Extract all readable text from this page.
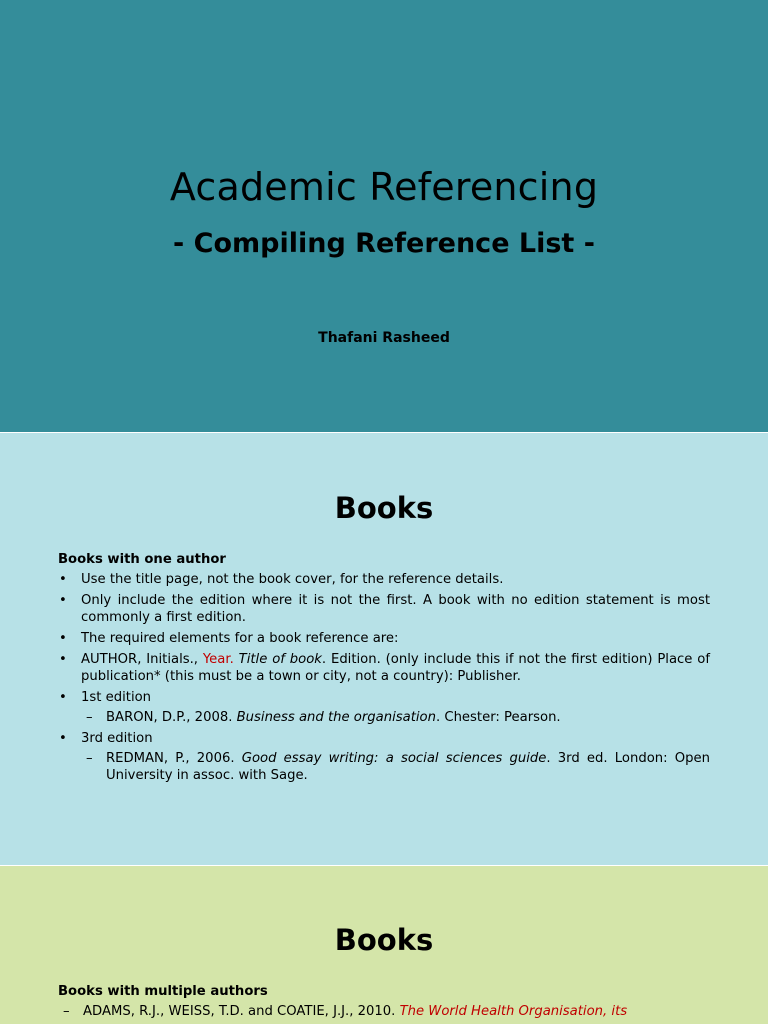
Academic Referencing
- Compiling Reference List -
Thafani Rasheed
Books
Books with one author
• Use the title page, not the book cover, for the reference details.
• Only include the edition where it is not the first. A book with no edition statement is most commonly a first edition.
• The required elements for a book reference are:
• AUTHOR, Initials., Year. Title of book. Edition. (only include this if not the first edition) Place of publication* (this must be a town or city, not a country): Publisher.
• 1st edition
– BARON, D.P., 2008. Business and the organisation. Chester: Pearson.
• 3rd edition
– REDMAN, P., 2006. Good essay writing: a social sciences guide. 3rd ed. London: Open University in assoc. with Sage.
Books
Books with multiple authors
– ADAMS, R.J., WEISS, T.D. and COATIE, J.J., 2010. The World Health Organisation, its
